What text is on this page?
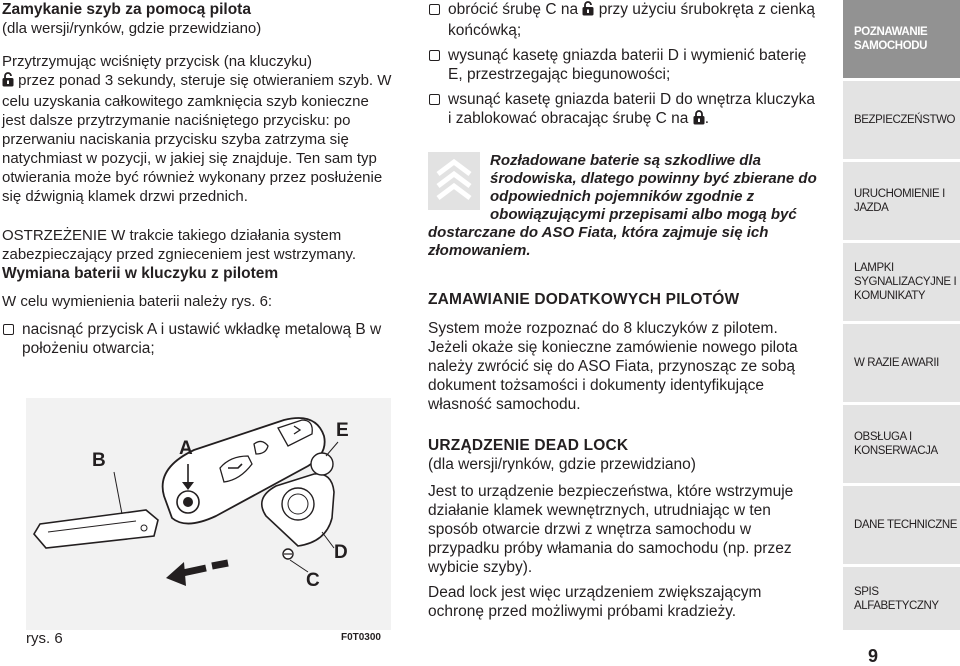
Zamykanie szyb za pomocą pilota
(dla wersji/rynków, gdzie przewidziano)
Przytrzymując wciśnięty przycisk (na kluczyku)
przez ponad 3 sekundy, steruje się otwieraniem szyb. W celu uzyskania całkowitego zamknięcia szyb konieczne jest dalsze przytrzymanie naciśniętego przycisku: po przerwaniu naciskania przycisku szyba zatrzyma się natychmiast w pozycji, w jakiej się znajduje. Ten sam typ otwierania może być również wykonany przez posłużenie się dźwignią klamek drzwi przednich.
OSTRZEŻENIE W trakcie takiego działania system zabezpieczający przed zgnieceniem jest wstrzymany.
Wymiana baterii w kluczyku z pilotem
W celu wymienienia baterii należy rys. 6:
nacisnąć przycisk A i ustawić wkładkę metalową B w położeniu otwarcia;
B
A
E
D
C
rys. 6	F0T0300
obrócić śrubę C na przy użyciu śrubokręta z cienką końcówką;
wysunąć kasetę gniazda baterii D i wymienić baterię E, przestrzegając biegunowości;
wsunąć kasetę gniazda baterii D do wnętrza kluczyka i zablokować obracając śrubę C na .
Rozładowane baterie są szkodliwe dla środowiska, dlatego powinny być zbierane do odpowiednich pojemników zgodnie z obowiązującymi przepisami albo mogą być dostarczane do ASO Fiata, która zajmuje się ich złomowaniem.
ZAMAWIANIE DODATKOWYCH PILOTÓW
System może rozpoznać do 8 kluczyków z pilotem. Jeżeli okaże się konieczne zamówienie nowego pilota należy zwrócić się do ASO Fiata, przynosząc ze sobą dokument tożsamości i dokumenty identyfikujące własność samochodu.
URZĄDZENIE DEAD LOCK
(dla wersji/rynków, gdzie przewidziano)
Jest to urządzenie bezpieczeństwa, które wstrzymuje działanie klamek wewnętrznych, utrudniając w ten sposób otwarcie drzwi z wnętrza samochodu w przypadku próby włamania do samochodu (np. przez wybicie szyby).
Dead lock jest więc urządzeniem zwiększającym ochronę przed możliwymi próbami kradzieży.
POZNAWANIE SAMOCHODU
BEZPIECZEŃSTWO
URUCHOMIENIE I JAZDA
LAMPKI SYGNALIZACYJNE I KOMUNIKATY
W RAZIE AWARII
OBSŁUGA I KONSERWACJA
DANE TECHNICZNE
SPIS ALFABETYCZNY
9
